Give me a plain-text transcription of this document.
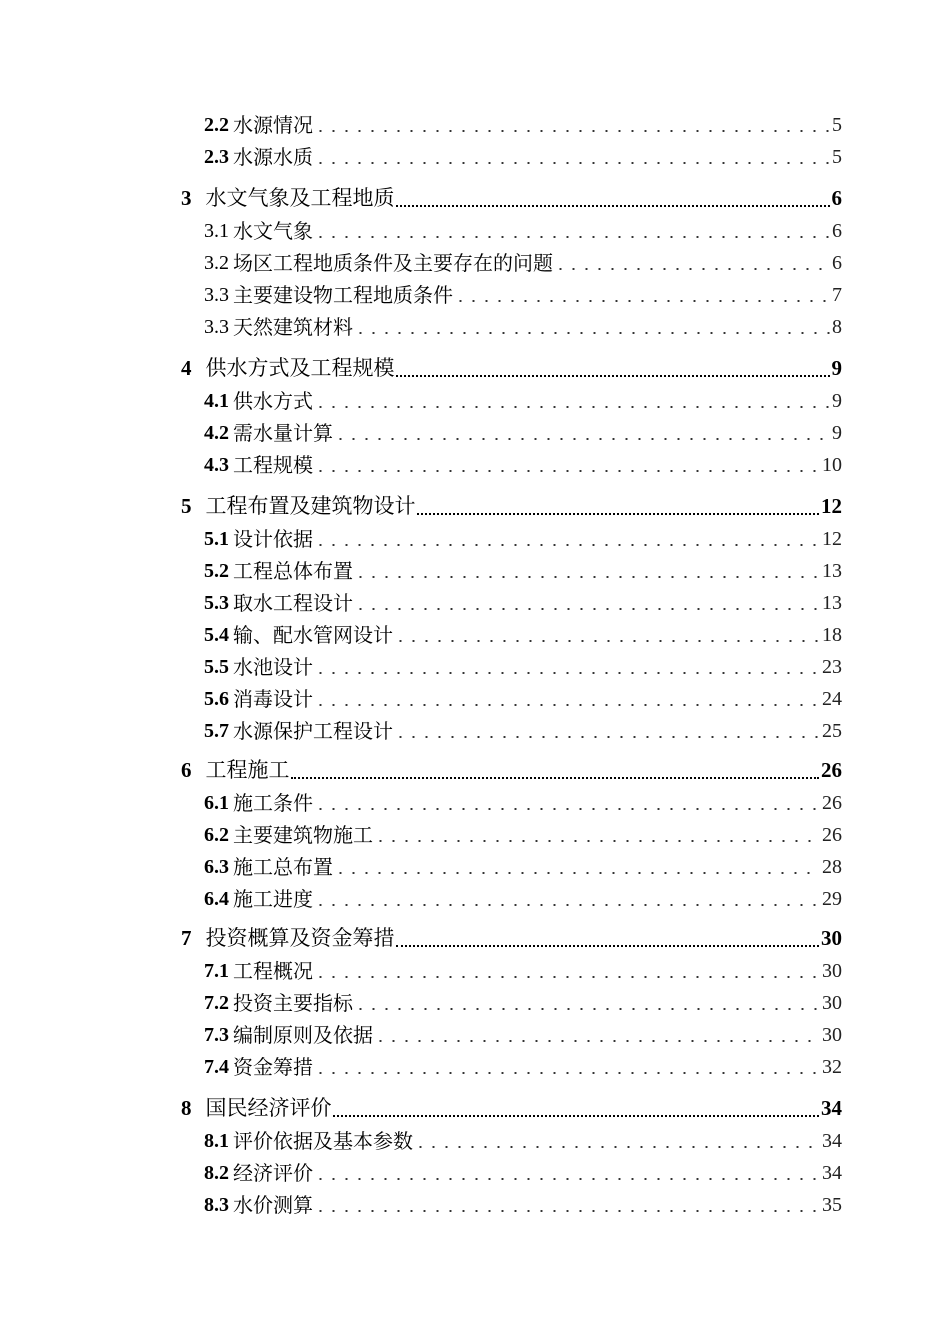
2.2 水源情况	5
2.3 水源水质	5
3 水文气象及工程地质	6
3.1 水文气象	6
3.2 场区工程地质条件及主要存在的问题	6
3.3 主要建设物工程地质条件	7
3.3 天然建筑材料	8
4 供水方式及工程规模	9
4.1 供水方式	9
4.2 需水量计算	9
4.3 工程规模	10
5 工程布置及建筑物设计	12
5.1 设计依据	12
5.2 工程总体布置	13
5.3 取水工程设计	13
5.4 输、配水管网设计	18
5.5 水池设计	23
5.6 消毒设计	24
5.7 水源保护工程设计	25
6 工程施工	26
6.1 施工条件	26
6.2 主要建筑物施工	26
6.3 施工总布置	28
6.4 施工进度	29
7 投资概算及资金筹措	30
7.1 工程概况	30
7.2 投资主要指标	30
7.3 编制原则及依据	30
7.4 资金筹措	32
8 国民经济评价	34
8.1 评价依据及基本参数	34
8.2 经济评价	34
8.3 水价测算	35
